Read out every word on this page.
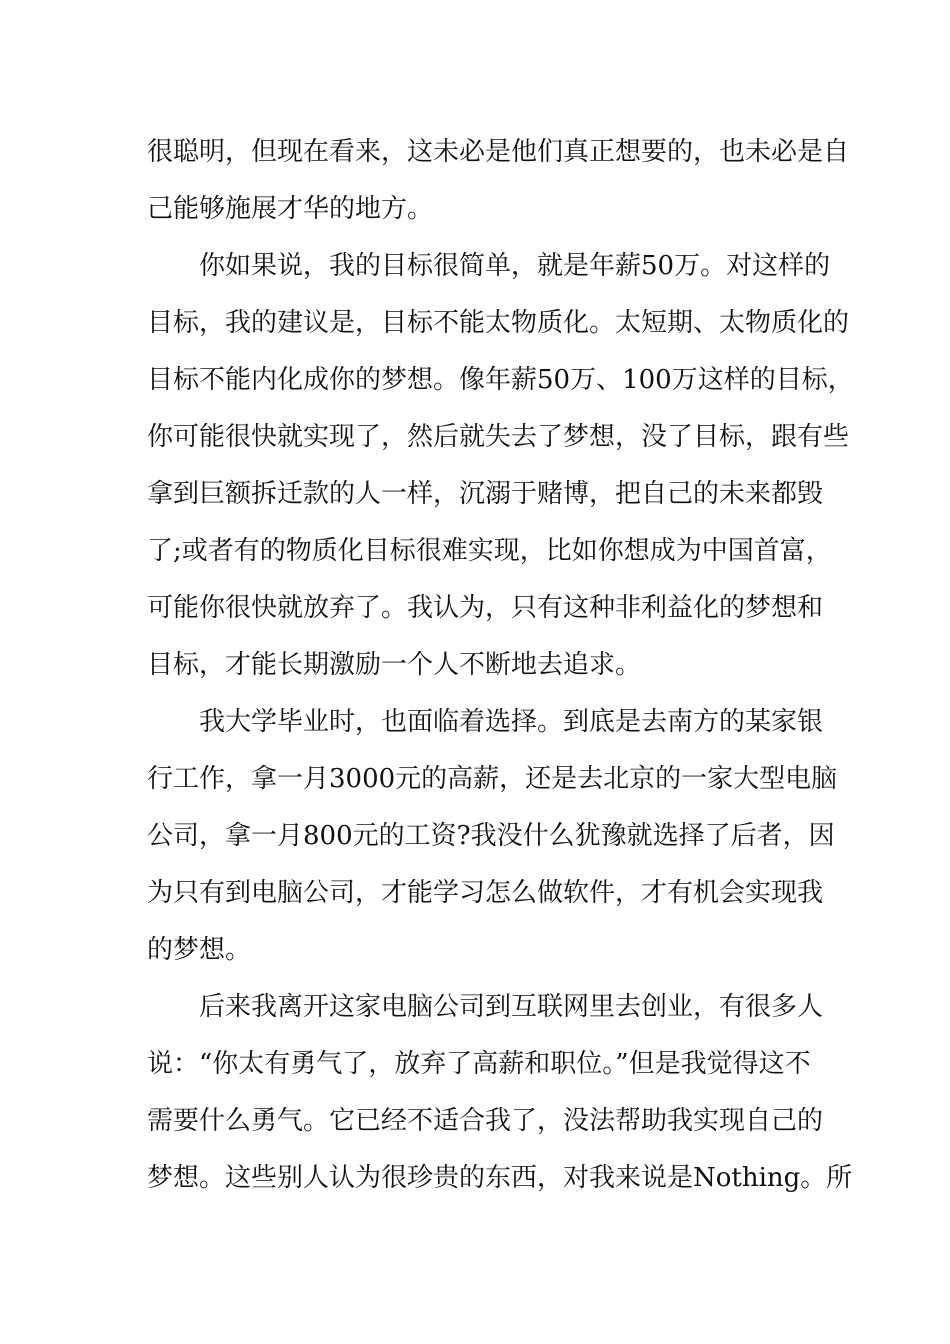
很聪明，但现在看来，这未必是他们真正想要的，也未必是自
己能够施展才华的地方。
你如果说，我的目标很简单，就是年薪50万。对这样的
目标，我的建议是，目标不能太物质化。太短期、太物质化的
目标不能内化成你的梦想。像年薪50万、100万这样的目标，
你可能很快就实现了，然后就失去了梦想，没了目标，跟有些
拿到巨额拆迁款的人一样，沉溺于赌博，把自己的未来都毁
了;或者有的物质化目标很难实现，比如你想成为中国首富，
可能你很快就放弃了。我认为，只有这种非利益化的梦想和
目标，才能长期激励一个人不断地去追求。
我大学毕业时，也面临着选择。到底是去南方的某家银
行工作，拿一月3000元的高薪，还是去北京的一家大型电脑
公司，拿一月800元的工资?我没什么犹豫就选择了后者，因
为只有到电脑公司，才能学习怎么做软件，才有机会实现我
的梦想。
后来我离开这家电脑公司到互联网里去创业，有很多人
说：“你太有勇气了，放弃了高薪和职位。”但是我觉得这不
需要什么勇气。它已经不适合我了，没法帮助我实现自己的
梦想。这些别人认为很珍贵的东西，对我来说是Nothing。所
